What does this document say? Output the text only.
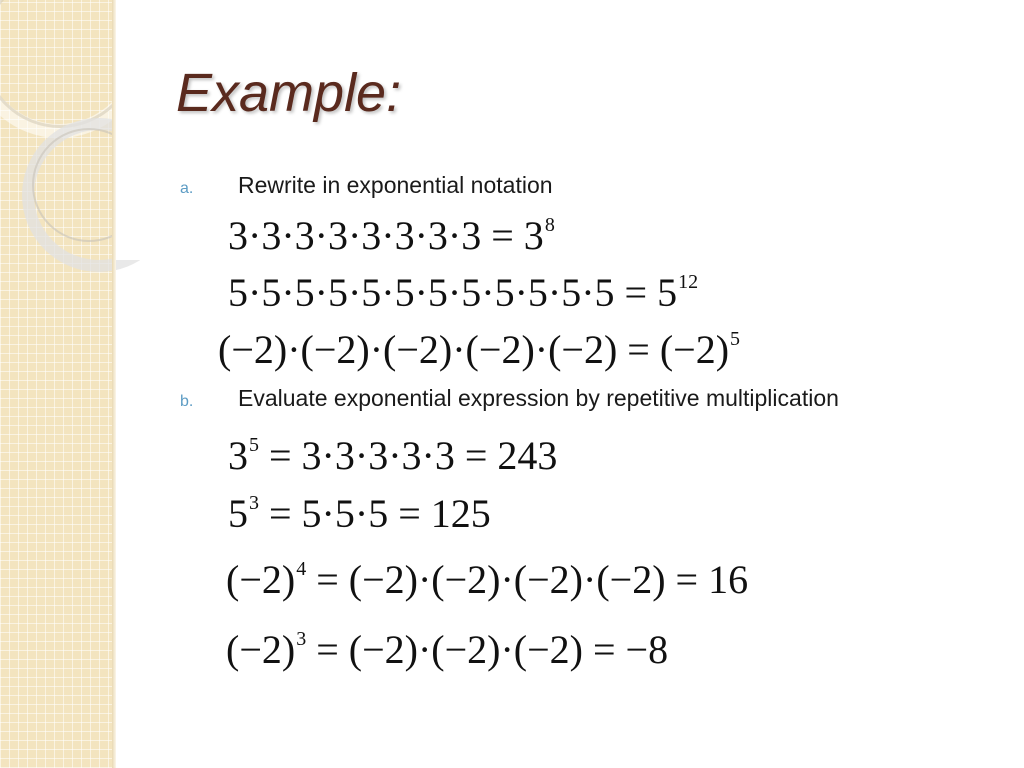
Example:
a. Rewrite in exponential notation
$3\cdot 3\cdot 3\cdot 3\cdot 3\cdot 3\cdot 3\cdot 3 = 3^8$
$5\cdot 5\cdot 5\cdot 5\cdot 5\cdot 5\cdot 5\cdot 5\cdot 5\cdot 5\cdot 5\cdot 5 = 5^{12}$
$(-2)\cdot(-2)\cdot(-2)\cdot(-2)\cdot(-2) = (-2)^5$
b. Evaluate exponential expression by repetitive multiplication
$3^5 = 3\cdot 3\cdot 3\cdot 3\cdot 3 = 243$
$5^3 = 5\cdot 5\cdot 5 = 125$
$(-2)^4 = (-2)\cdot(-2)\cdot(-2)\cdot(-2) = 16$
$(-2)^3 = (-2)\cdot(-2)\cdot(-2) = -8$
